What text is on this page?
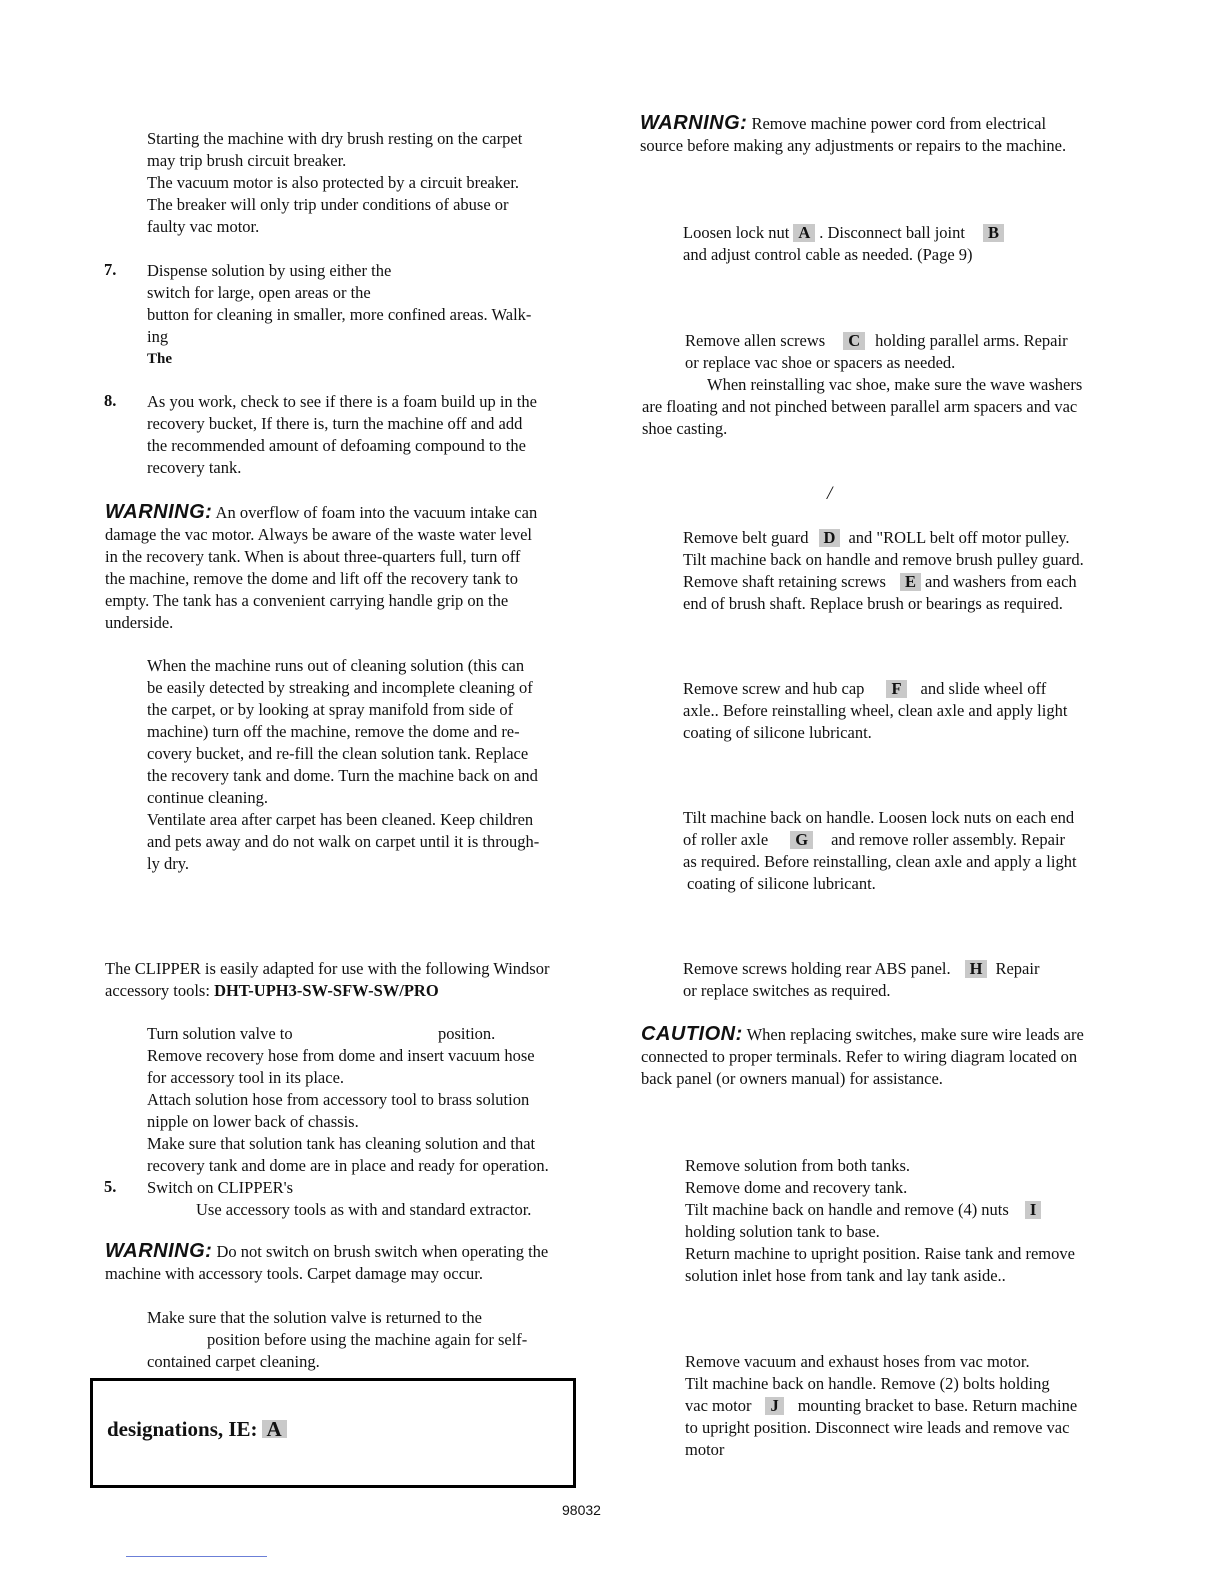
Starting the machine with dry brush resting on the carpet
may trip brush circuit breaker.
The vacuum motor is also protected by a circuit breaker.
The breaker will only trip under conditions of abuse or
faulty vac motor.
7. Dispense solution by using either the
switch for large, open areas or the
button for cleaning in smaller, more confined areas. Walk-
ing
The
8. As you work, check to see if there is a foam build up in the
recovery bucket, If there is, turn the machine off and add
the recommended amount of defoaming compound to the
recovery tank.
WARNING: An overflow of foam into the vacuum intake can
damage the vac motor. Always be aware of the waste water level
in the recovery tank. When is about three-quarters full, turn off
the machine, remove the dome and lift off the recovery tank to
empty. The tank has a convenient carrying handle grip on the
underside.
When the machine runs out of cleaning solution (this can
be easily detected by streaking and incomplete cleaning of
the carpet, or by looking at spray manifold from side of
machine) turn off the machine, remove the dome and re-
covery bucket, and re-fill the clean solution tank. Replace
the recovery tank and dome. Turn the machine back on and
continue cleaning.
Ventilate area after carpet has been cleaned. Keep children
and pets away and do not walk on carpet until it is through-
ly dry.
The CLIPPER is easily adapted for use with the following Windsor
accessory tools: DHT-UPH3-SW-SFW-SW/PRO
Turn solution valve to	position.
Remove recovery hose from dome and insert vacuum hose
for accessory tool in its place.
Attach solution hose from accessory tool to brass solution
nipple on lower back of chassis.
Make sure that solution tank has cleaning solution and that
recovery tank and dome are in place and ready for operation.
5. Switch on CLIPPER's
Use accessory tools as with and standard extractor.
WARNING: Do not switch on brush switch when operating the
machine with accessory tools. Carpet damage may occur.
Make sure that the solution valve is returned to the
position before using the machine again for self-
contained carpet cleaning.
designations, IE: A
WARNING: Remove machine power cord from electrical
source before making any adjustments or repairs to the machine.
Loosen lock nut A . Disconnect ball joint B
and adjust control cable as needed. (Page 9)
Remove allen screws C holding parallel arms. Repair
or replace vac shoe or spacers as needed.
When reinstalling vac shoe, make sure the wave washers
are floating and not pinched between parallel arm spacers and vac
shoe casting.
/
Remove belt guard D and "ROLL belt off motor pulley.
Tilt machine back on handle and remove brush pulley guard.
Remove shaft retaining screws E and washers from each
end of brush shaft. Replace brush or bearings as required.
Remove screw and hub cap F and slide wheel off
axle.. Before reinstalling wheel, clean axle and apply light
coating of silicone lubricant.
Tilt machine back on handle. Loosen lock nuts on each end
of roller axle G and remove roller assembly. Repair
as required. Before reinstalling, clean axle and apply a light
coating of silicone lubricant.
Remove screws holding rear ABS panel. H Repair
or replace switches as required.
CAUTION: When replacing switches, make sure wire leads are
connected to proper terminals. Refer to wiring diagram located on
back panel (or owners manual) for assistance.
Remove solution from both tanks.
Remove dome and recovery tank.
Tilt machine back on handle and remove (4) nuts I
holding solution tank to base.
Return machine to upright position. Raise tank and remove
solution inlet hose from tank and lay tank aside..
Remove vacuum and exhaust hoses from vac motor.
Tilt machine back on handle. Remove (2) bolts holding
vac motor J mounting bracket to base. Return machine
to upright position. Disconnect wire leads and remove vac
motor
98032
